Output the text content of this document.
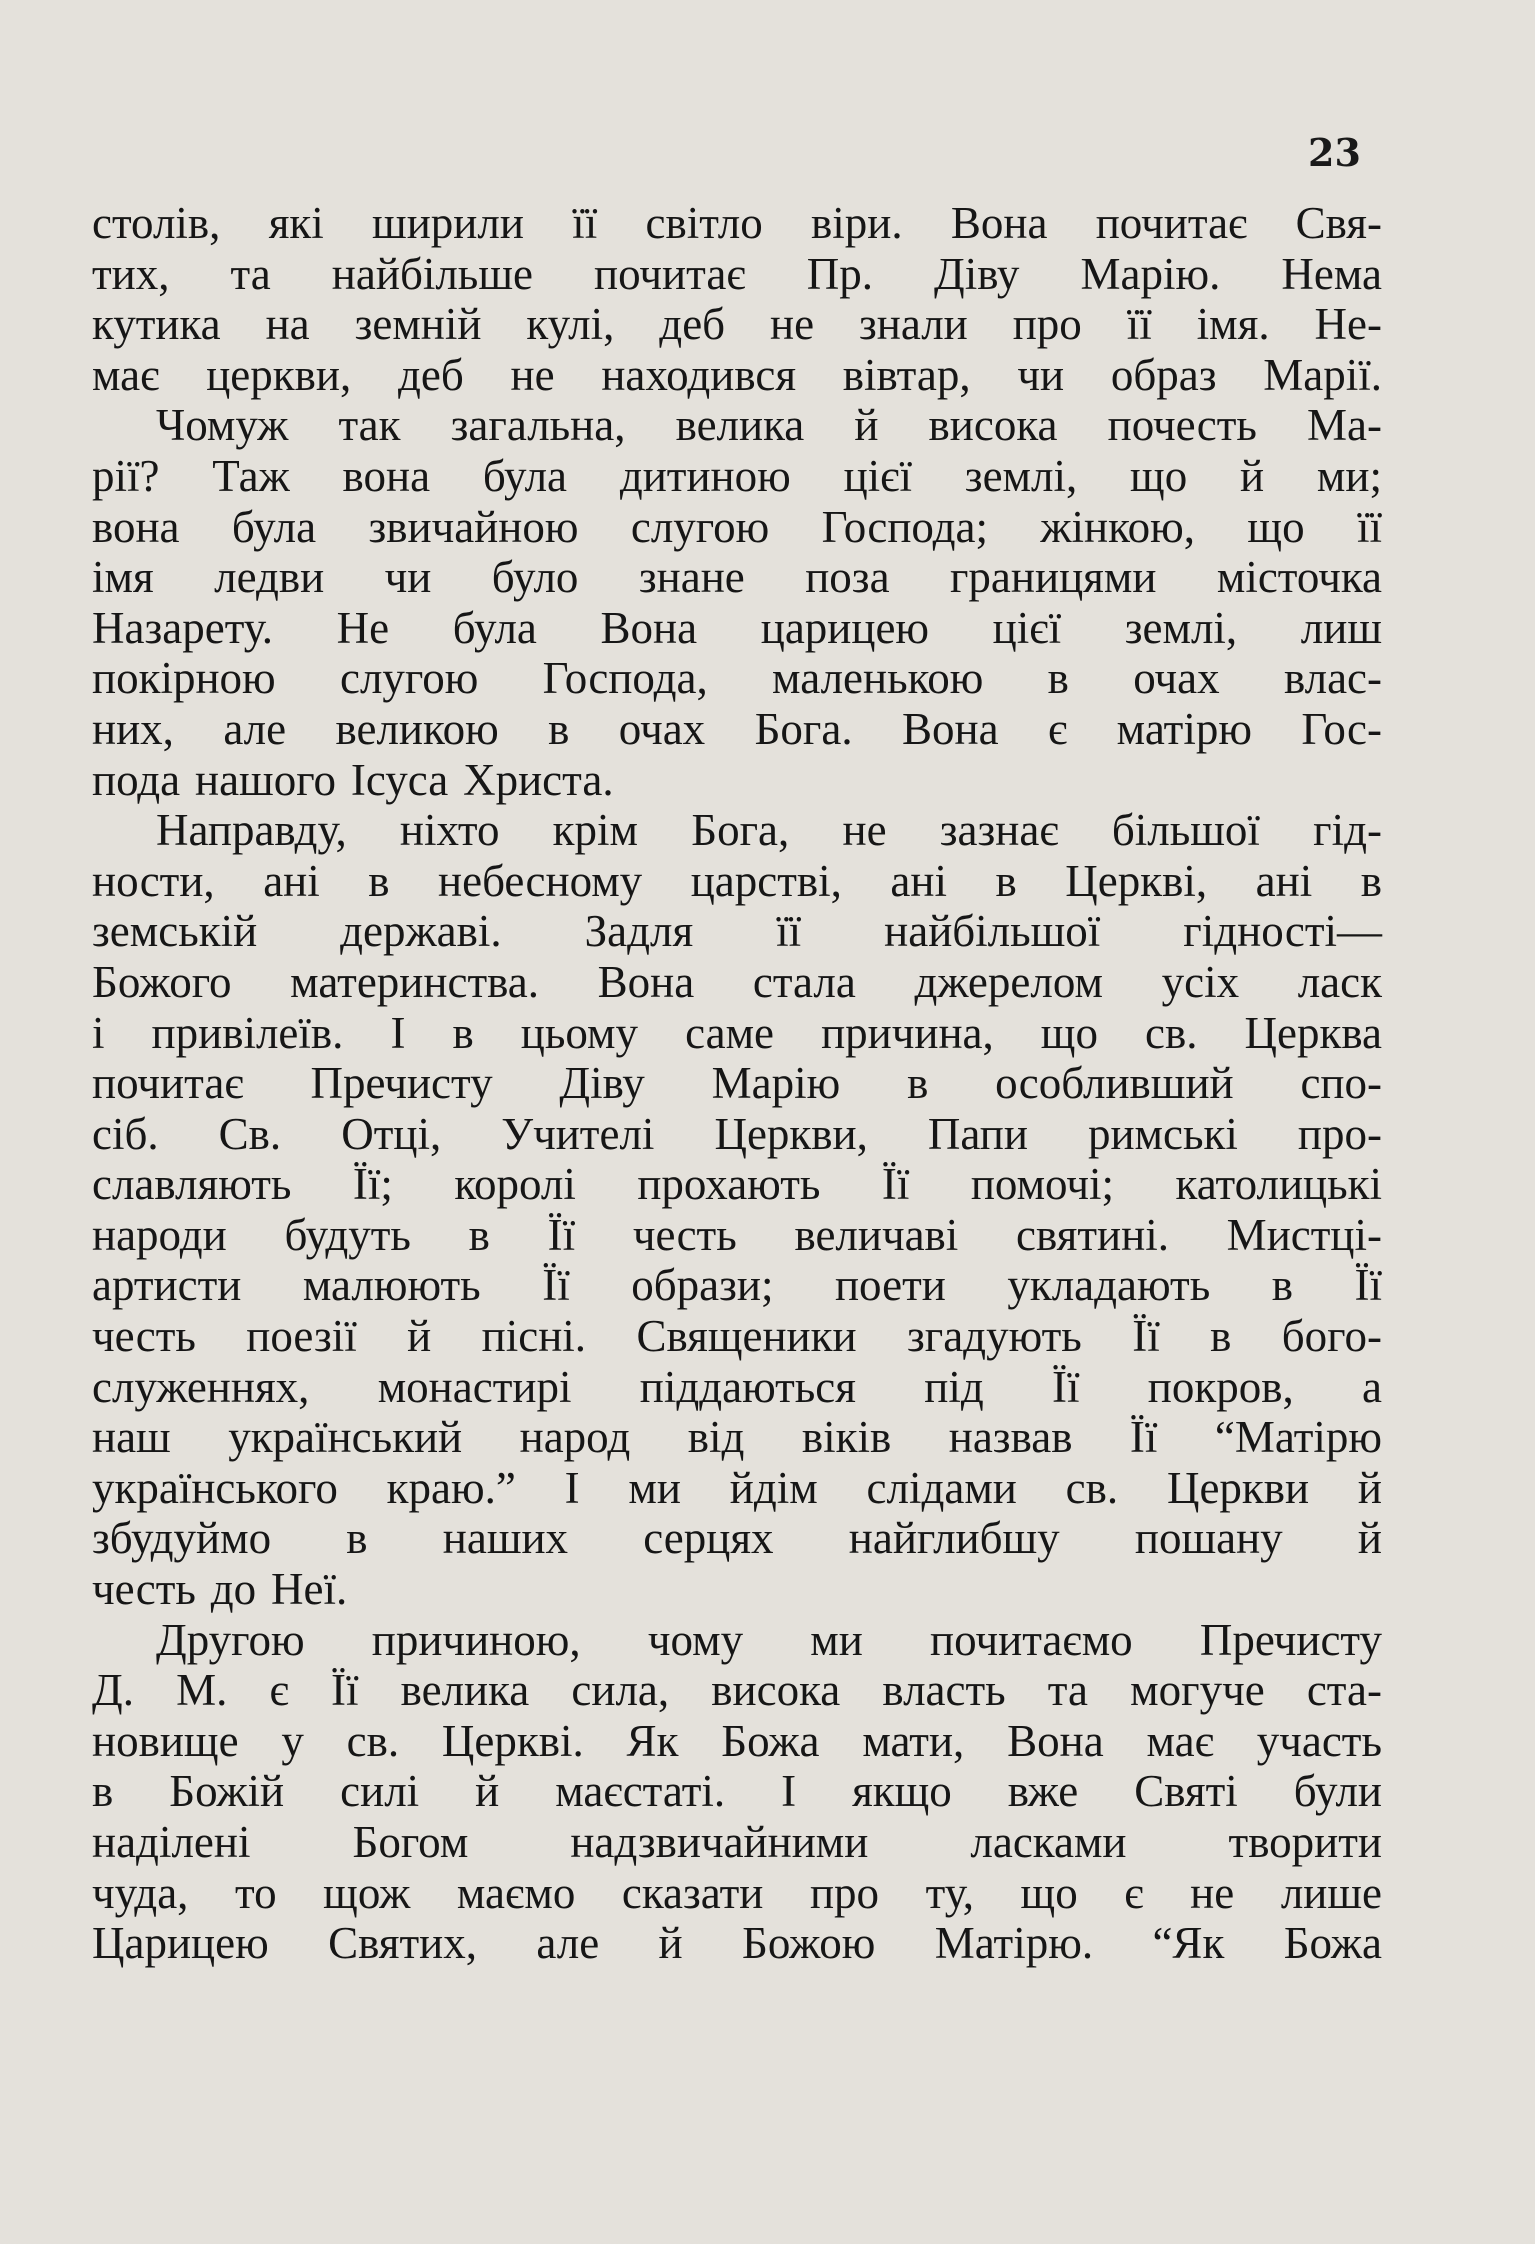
23

столів, які ширили її світло віри. Вона почитає Свя-
тих, та найбільше почитає Пр. Діву Марію. Нема
кутика на земній кулі, деб не знали про її імя. Не-
має церкви, деб не находився вівтар, чи образ Марії.

Чомуж так загальна, велика й висока почесть Ма-
рії? Таж вона була дитиною цієї землі, що й ми;
вона була звичайною слугою Господа; жінкою, що її
імя ледви чи було знане поза границями місточка
Назарету. Не була Вона царицею цієї землі, лиш
покірною слугою Господа, маленькою в очах влас-
них, але великою в очах Бога. Вона є матірю Гос-
пода нашого Ісуса Христа.

Направду, ніхто крім Бога, не зазнає більшої гід-
ности, ані в небесному царстві, ані в Церкві, ані в
земській державі. Задля її найбільшої гідності—
Божого материнства. Вона стала джерелом усіх ласк
і привілеїв. І в цьому саме причина, що св. Церква
почитає Пречисту Діву Марію в особливший спо-
сіб. Св. Отці, Учителі Церкви, Папи римські про-
славляють Її; королі прохають Її помочі; католицькі
народи будуть в Її честь величаві святині. Мистці-
артисти малюють Її образи; поети укладають в Її
честь поезії й пісні. Священики згадують Її в бого-
служеннях, монастирі піддаються під Її покров, а
наш український народ від віків назвав Її “Матірю
українського краю.” І ми йдім слідами св. Церкви й
збудуймо в наших серцях найглибшу пошану й
честь до Неї.

Другою причиною, чому ми почитаємо Пречисту
Д. М. є Її велика сила, висока власть та могуче ста-
новище у св. Церкві. Як Божа мати, Вона має участь
в Божій силі й маєстаті. І якщо вже Святі були
наділені Богом надзвичайними ласками творити
чуда, то щож маємо сказати про ту, що є не лише
Царицею Святих, але й Божою Матірю. “Як Божа
